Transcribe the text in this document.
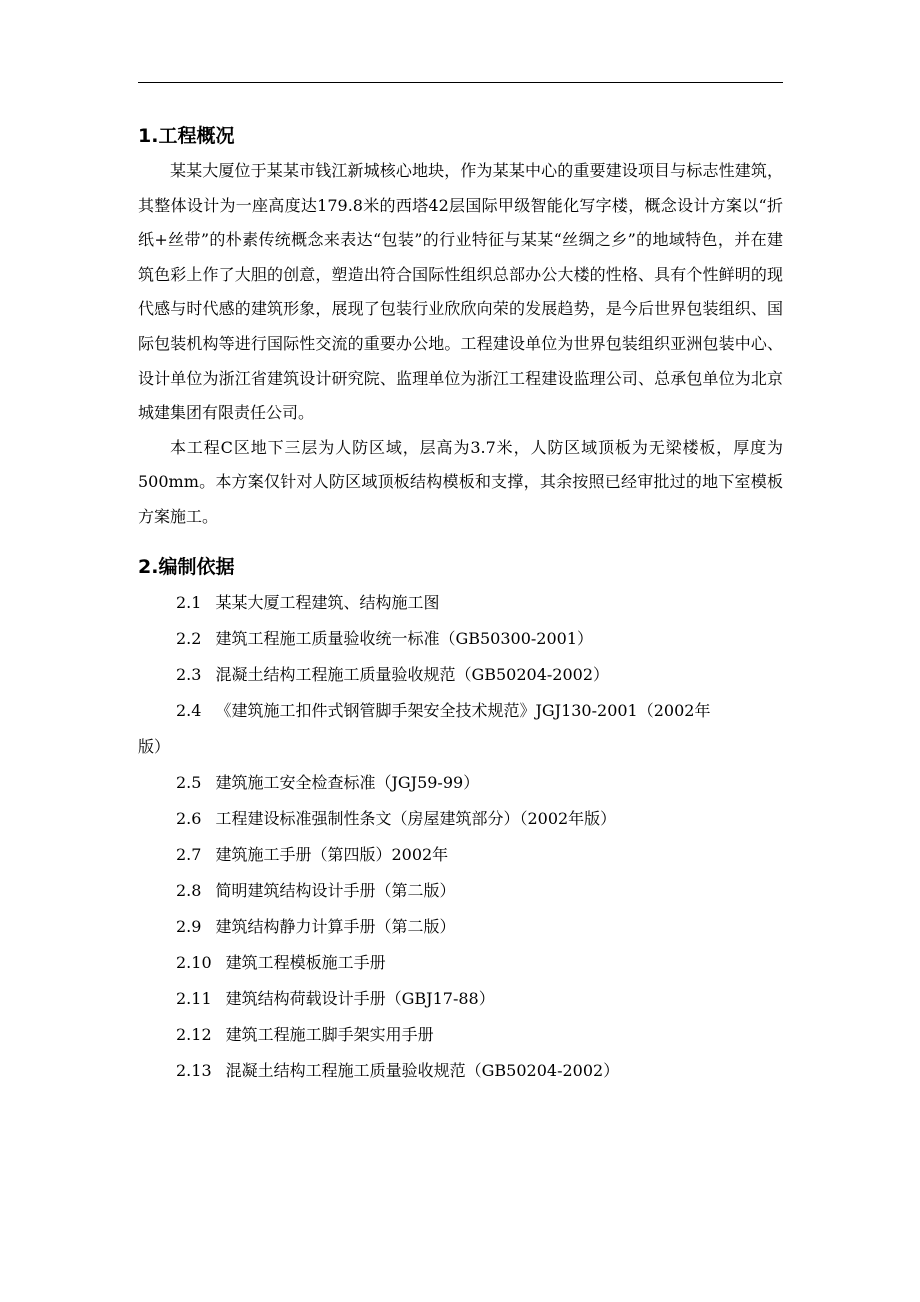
1.工程概况

某某大厦位于某某市钱江新城核心地块，作为某某中心的重要建设项目与标志性建筑，其整体设计为一座高度达179.8米的西塔42层国际甲级智能化写字楼，概念设计方案以“折纸+丝带”的朴素传统概念来表达“包装”的行业特征与某某“丝绸之乡”的地域特色，并在建筑色彩上作了大胆的创意，塑造出符合国际性组织总部办公大楼的性格、具有个性鲜明的现代感与时代感的建筑形象，展现了包装行业欣欣向荣的发展趋势，是今后世界包装组织、国际包装机构等进行国际性交流的重要办公地。工程建设单位为世界包装组织亚洲包装中心、设计单位为浙江省建筑设计研究院、监理单位为浙江工程建设监理公司、总承包单位为北京城建集团有限责任公司。

本工程C区地下三层为人防区域，层高为3.7米，人防区域顶板为无梁楼板，厚度为500mm。本方案仅针对人防区域顶板结构模板和支撑，其余按照已经审批过的地下室模板方案施工。

2.编制依据
2.1 某某大厦工程建筑、结构施工图
2.2 建筑工程施工质量验收统一标准（GB50300-2001）
2.3 混凝土结构工程施工质量验收规范（GB50204-2002）
2.4 《建筑施工扣件式钢管脚手架安全技术规范》JGJ130-2001（2002年
版）
2.5 建筑施工安全检查标准（JGJ59-99）
2.6 工程建设标准强制性条文（房屋建筑部分）（2002年版）
2.7 建筑施工手册（第四版）2002年
2.8 简明建筑结构设计手册（第二版）
2.9 建筑结构静力计算手册（第二版）
2.10 建筑工程模板施工手册
2.11 建筑结构荷载设计手册（GBJ17-88）
2.12 建筑工程施工脚手架实用手册
2.13 混凝土结构工程施工质量验收规范（GB50204-2002）
